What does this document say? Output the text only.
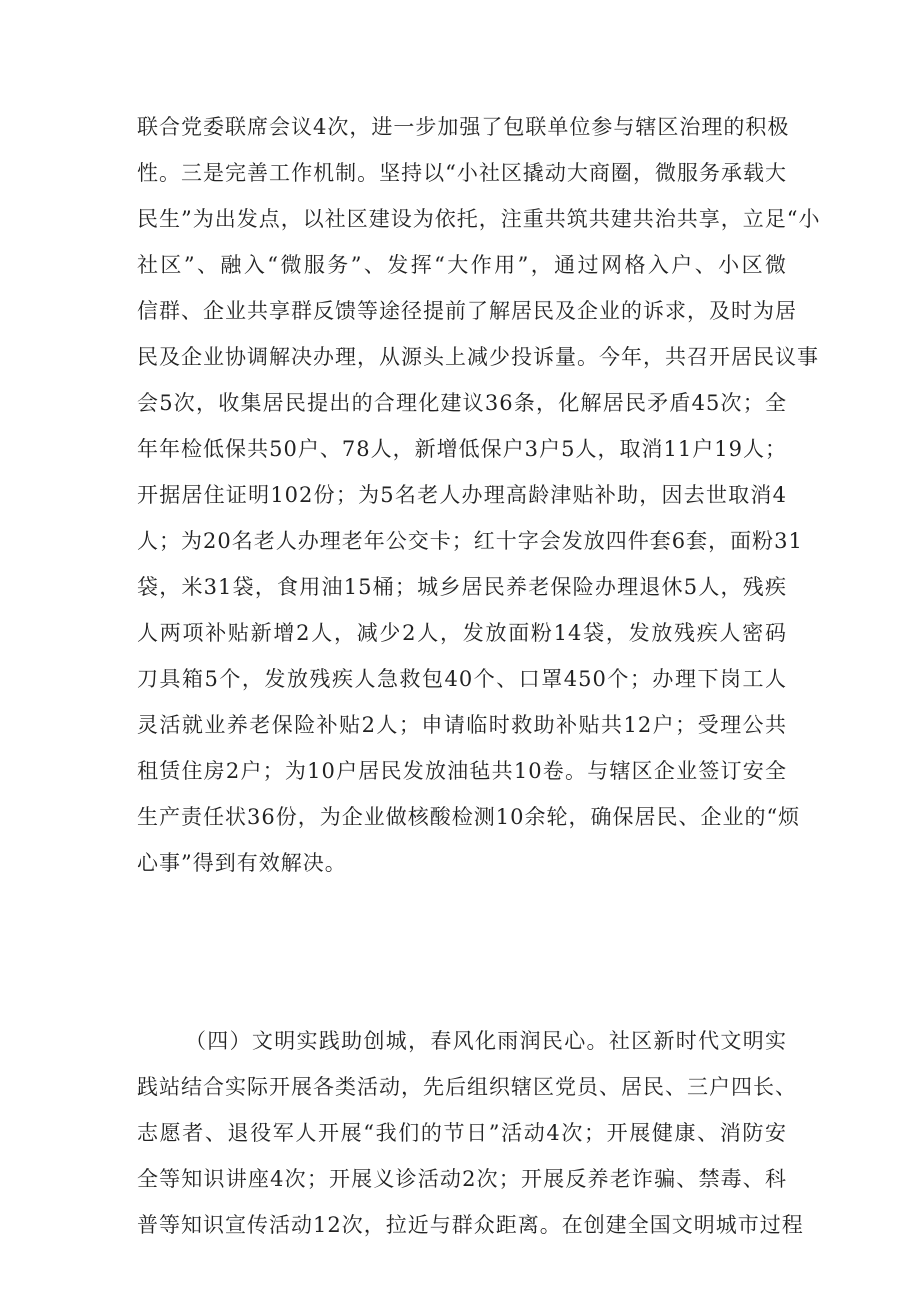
联合党委联席会议4次，进一步加强了包联单位参与辖区治理的积极
性。三是完善工作机制。坚持以“小社区撬动大商圈，微服务承载大
民生”为出发点，以社区建设为依托，注重共筑共建共治共享，立足“小
社区”、融入“微服务”、发挥“大作用”，通过网格入户、小区微
信群、企业共享群反馈等途径提前了解居民及企业的诉求，及时为居
民及企业协调解决办理，从源头上减少投诉量。今年，共召开居民议事
会5次，收集居民提出的合理化建议36条，化解居民矛盾45次；全
年年检低保共50户、78人，新增低保户3户5人，取消11户19人；
开据居住证明102份；为5名老人办理高龄津贴补助，因去世取消4
人；为20名老人办理老年公交卡；红十字会发放四件套6套，面粉31
袋，米31袋，食用油15桶；城乡居民养老保险办理退休5人，残疾
人两项补贴新增2人，减少2人，发放面粉14袋，发放残疾人密码
刀具箱5个，发放残疾人急救包40个、口罩450个；办理下岗工人
灵活就业养老保险补贴2人；申请临时救助补贴共12户；受理公共
租赁住房2户；为10户居民发放油毡共10卷。与辖区企业签订安全
生产责任状36份，为企业做核酸检测10余轮，确保居民、企业的“烦
心事”得到有效解决。
（四）文明实践助创城，春风化雨润民心。社区新时代文明实
践站结合实际开展各类活动，先后组织辖区党员、居民、三户四长、
志愿者、退役军人开展“我们的节日”活动4次；开展健康、消防安
全等知识讲座4次；开展义诊活动2次；开展反养老诈骗、禁毒、科
普等知识宣传活动12次，拉近与群众距离。在创建全国文明城市过程
